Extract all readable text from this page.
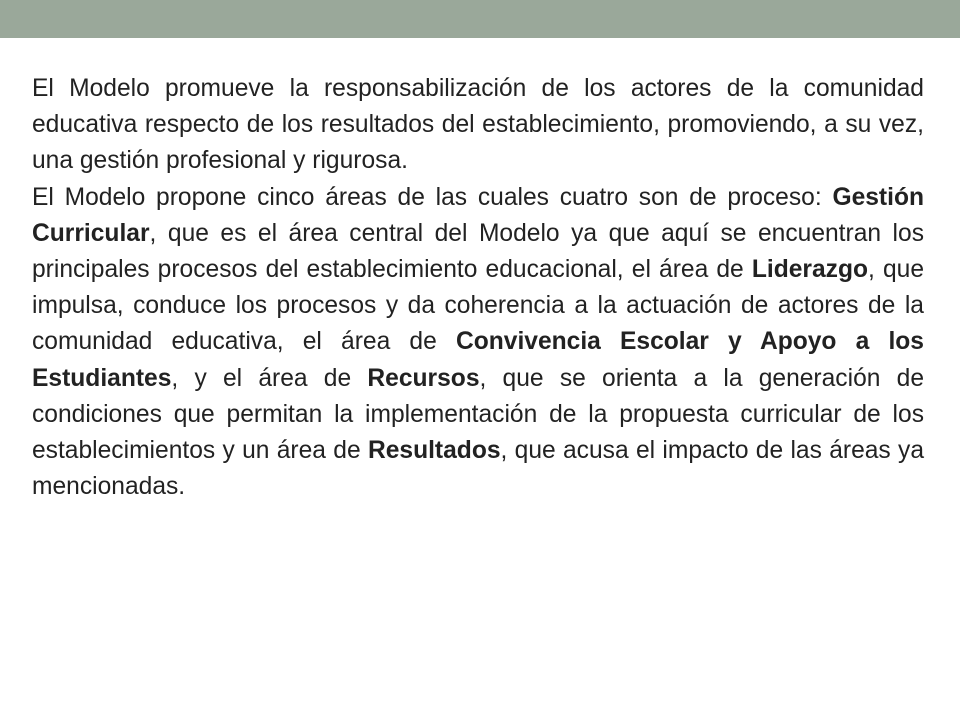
El Modelo promueve la responsabilización de los actores de la comunidad educativa respecto de los resultados del establecimiento, promoviendo, a su vez, una gestión profesional y rigurosa.

El Modelo propone cinco áreas de las cuales cuatro son de proceso: Gestión Curricular, que es el área central del Modelo ya que aquí se encuentran los principales procesos del establecimiento educacional, el área de Liderazgo, que impulsa, conduce los procesos y da coherencia a la actuación de actores de la comunidad educativa, el área de Convivencia Escolar y Apoyo a los Estudiantes, y el área de Recursos, que se orienta a la generación de condiciones que permitan la implementación de la propuesta curricular de los establecimientos y un área de Resultados, que acusa el impacto de las áreas ya mencionadas.
